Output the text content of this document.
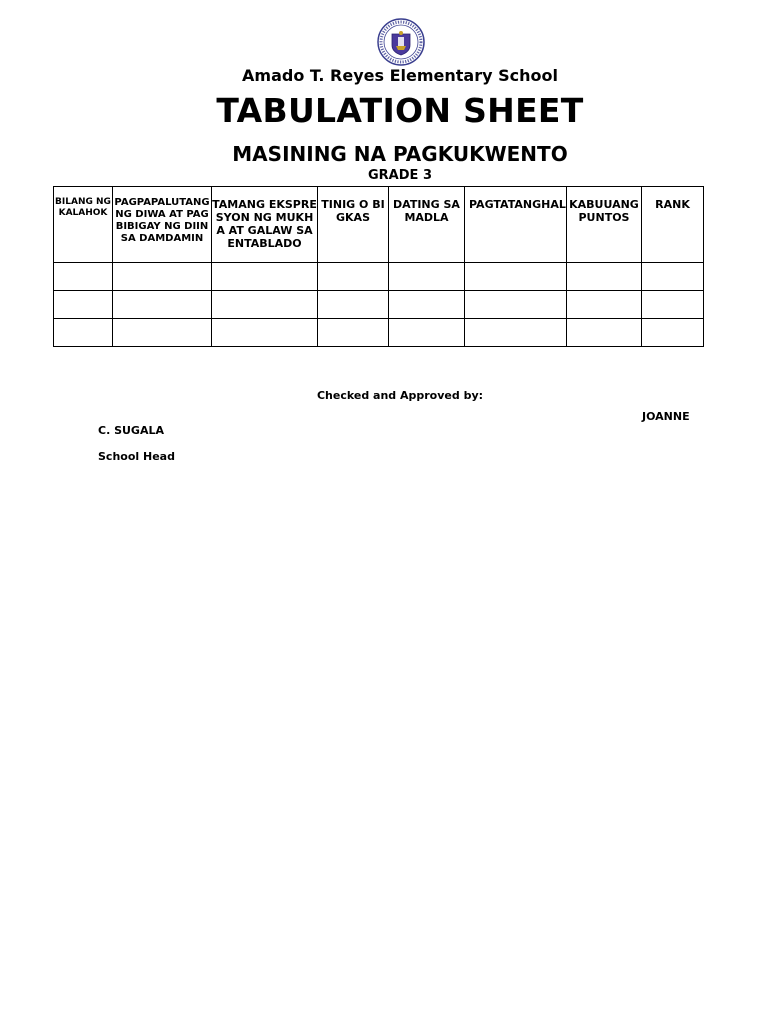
Amado T. Reyes Elementary School
TABULATION SHEET
MASINING NA PAGKUKWENTO
GRADE 3
BILANG NG KALAHOK	PAGPAPALUTANG NG DIWA AT PAGBIBIGAY NG DIIN SA DAMDAMIN	TAMANG EKSPRESYON NG MUKHA AT GALAW SA ENTABLADO	TINIG O BIGKAS	DATING SA MADLA	PAGTATANGHAL	KABUUANG PUNTOS	RANK

Checked and Approved by:
JOANNE
C. SUGALA
School Head
